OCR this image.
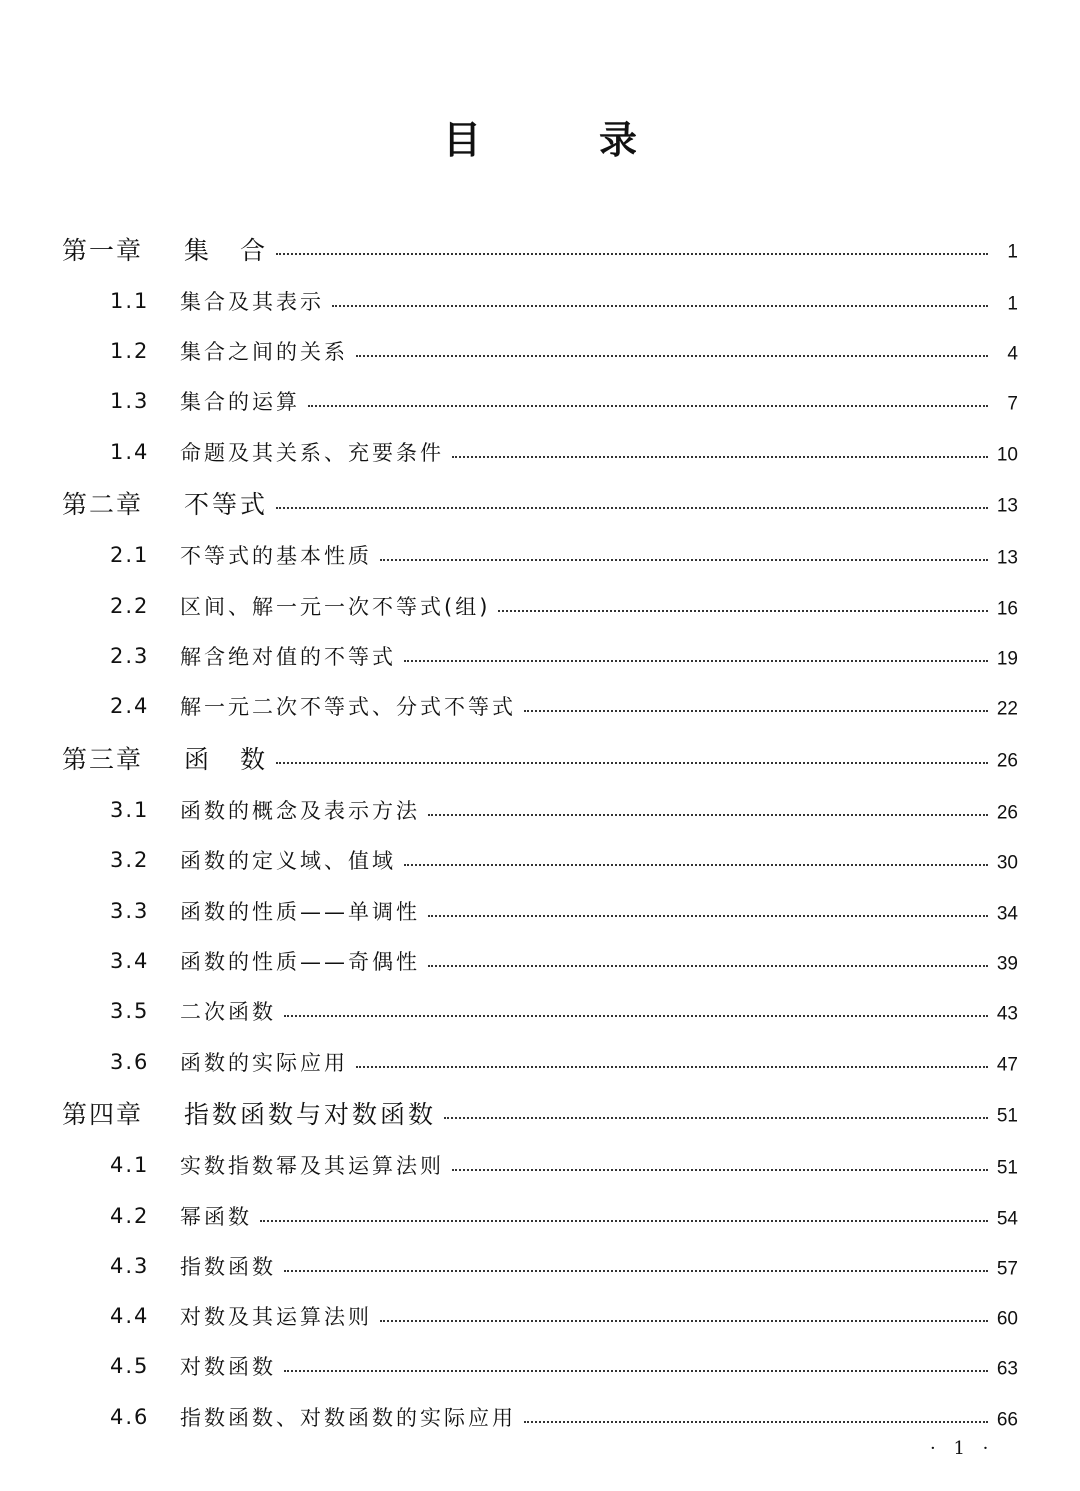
目　录
第一章	集　合	1
1.1	集合及其表示	1
1.2	集合之间的关系	4
1.3	集合的运算	7
1.4	命题及其关系、充要条件	10
第二章	不等式	13
2.1	不等式的基本性质	13
2.2	区间、解一元一次不等式(组)	16
2.3	解含绝对值的不等式	19
2.4	解一元二次不等式、分式不等式	22
第三章	函　数	26
3.1	函数的概念及表示方法	26
3.2	函数的定义域、值域	30
3.3	函数的性质——单调性	34
3.4	函数的性质——奇偶性	39
3.5	二次函数	43
3.6	函数的实际应用	47
第四章	指数函数与对数函数	51
4.1	实数指数幂及其运算法则	51
4.2	幂函数	54
4.3	指数函数	57
4.4	对数及其运算法则	60
4.5	对数函数	63
4.6	指数函数、对数函数的实际应用	66
· 1 ·
